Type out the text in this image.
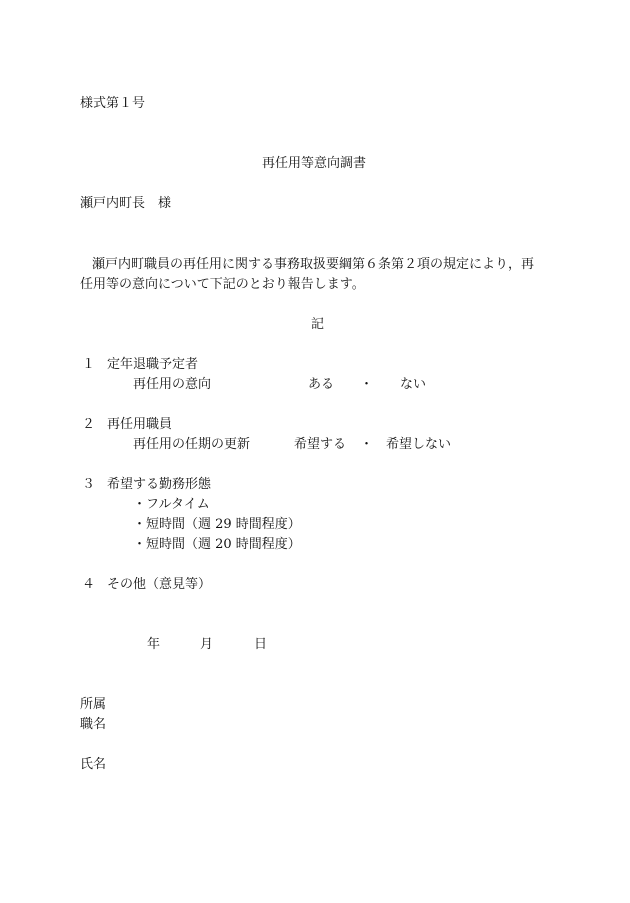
様式第１号
再任用等意向調書
瀬戸内町長　様
瀬戸内町職員の再任用に関する事務取扱要綱第６条第２項の規定により，再
任用等の意向について下記のとおり報告します。
記
１ 定年退職予定者
再任用の意向	ある ・ ない
２ 再任用職員
再任用の任期の更新	希望する ・ 希望しない
３ 希望する勤務形態
・フルタイム
・短時間（週 29 時間程度）
・短時間（週 20 時間程度）
４ その他（意見等）
年	月	日
所属
職名
氏名
